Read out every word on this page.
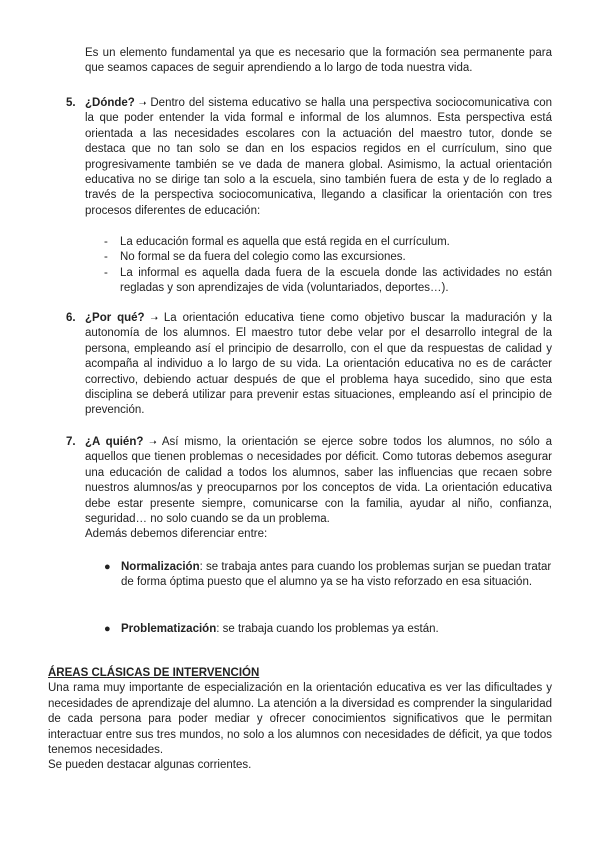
Es un elemento fundamental ya que es necesario que la formación sea permanente para que seamos capaces de seguir aprendiendo a lo largo de toda nuestra vida.

5. ¿Dónde? ➝ Dentro del sistema educativo se halla una perspectiva sociocomunicativa con la que poder entender la vida formal e informal de los alumnos. Esta perspectiva está orientada a las necesidades escolares con la actuación del maestro tutor, donde se destaca que no tan solo se dan en los espacios regidos en el currículum, sino que progresivamente también se ve dada de manera global. Asimismo, la actual orientación educativa no se dirige tan solo a la escuela, sino también fuera de esta y de lo reglado a través de la perspectiva sociocomunicativa, llegando a clasificar la orientación con tres procesos diferentes de educación:
- La educación formal es aquella que está regida en el currículum.
- No formal se da fuera del colegio como las excursiones.
- La informal es aquella dada fuera de la escuela donde las actividades no están regladas y son aprendizajes de vida (voluntariados, deportes…).
6. ¿Por qué? ➝ La orientación educativa tiene como objetivo buscar la maduración y la autonomía de los alumnos. El maestro tutor debe velar por el desarrollo integral de la persona, empleando así el principio de desarrollo, con el que da respuestas de calidad y acompaña al individuo a lo largo de su vida. La orientación educativa no es de carácter correctivo, debiendo actuar después de que el problema haya sucedido, sino que esta disciplina se deberá utilizar para prevenir estas situaciones, empleando así el principio de prevención.
7. ¿A quién? ➝ Así mismo, la orientación se ejerce sobre todos los alumnos, no sólo a aquellos que tienen problemas o necesidades por déficit. Como tutoras debemos asegurar una educación de calidad a todos los alumnos, saber las influencias que recaen sobre nuestros alumnos/as y preocuparnos por los conceptos de vida. La orientación educativa debe estar presente siempre, comunicarse con la familia, ayudar al niño, confianza, seguridad… no solo cuando se da un problema.
Además debemos diferenciar entre:
● Normalización: se trabaja antes para cuando los problemas surjan se puedan tratar de forma óptima puesto que el alumno ya se ha visto reforzado en esa situación.
● Problematización: se trabaja cuando los problemas ya están.
ÁREAS CLÁSICAS DE INTERVENCIÓN
Una rama muy importante de especialización en la orientación educativa es ver las dificultades y necesidades de aprendizaje del alumno. La atención a la diversidad es comprender la singularidad de cada persona para poder mediar y ofrecer conocimientos significativos que le permitan interactuar entre sus tres mundos, no solo a los alumnos con necesidades de déficit, ya que todos tenemos necesidades.
Se pueden destacar algunas corrientes.
